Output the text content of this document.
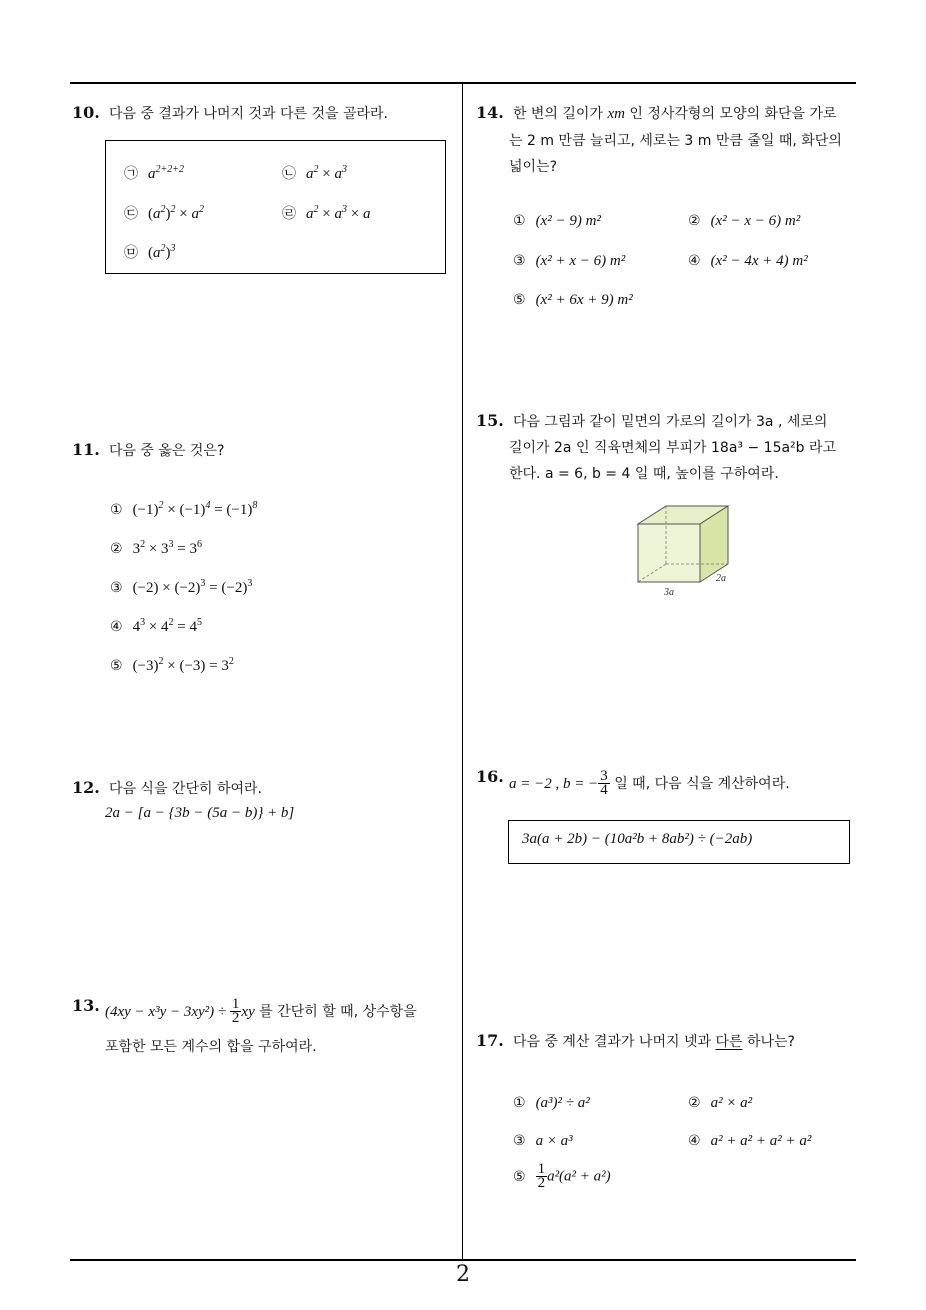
10. 다음 중 결과가 나머지 것과 다른 것을 골라라.
㉠ $a^{2+2+2}$	㉡ $a^2 \times a^3$
㉢ $(a^2)^2 \times a^2$	㉣ $a^2 \times a^3 \times a$
㉤ $(a^2)^3$
11. 다음 중 옳은 것은?
① $(-1)^2 \times (-1)^4 = (-1)^8$
② $3^2 \times 3^3 = 3^6$
③ $(-2) \times (-2)^3 = (-2)^3$
④ $4^3 \times 4^2 = 4^5$
⑤ $(-3)^2 \times (-3) = 3^2$
12. 다음 식을 간단히 하여라.
2a − [a − {3b − (5a − b)} + b]
13. $(4xy - x^3y - 3xy^2) \div \frac{1}{2}$ xy 를 간단히 할 때, 상수항을
포함한 모든 계수의 합을 구하여라.
14. 한 변의 길이가 xm 인 정사각형의 모양의 화단을 가로
는 2 m 만큼 늘리고, 세로는 3 m 만큼 줄일 때, 화단의
넓이는?
① (x² − 9) m²	② (x² − x − 6) m²
③ (x² + x − 6) m²	④ (x² − 4x + 4) m²
⑤ (x² + 6x + 9) m²
15. 다음 그림과 같이 밑면의 가로의 길이가 3a , 세로의
길이가 2a 인 직육면체의 부피가 18a³ − 15a²b 라고
한다. a = 6, b = 4 일 때, 높이를 구하여라.
3a
2a
16. a = −2 , b = − $\frac{3}{4}$ 일 때, 다음 식을 계산하여라.
3a(a + 2b) − (10a²b + 8ab²) ÷ (−2ab)
17. 다음 중 계산 결과가 나머지 넷과 다른 하나는?
① (a³)² ÷ a²	② a² × a²
③ a × a³	④ a² + a² + a² + a²
⑤ $\frac{1}{2} a^2(a^2 + a^2)$
2
